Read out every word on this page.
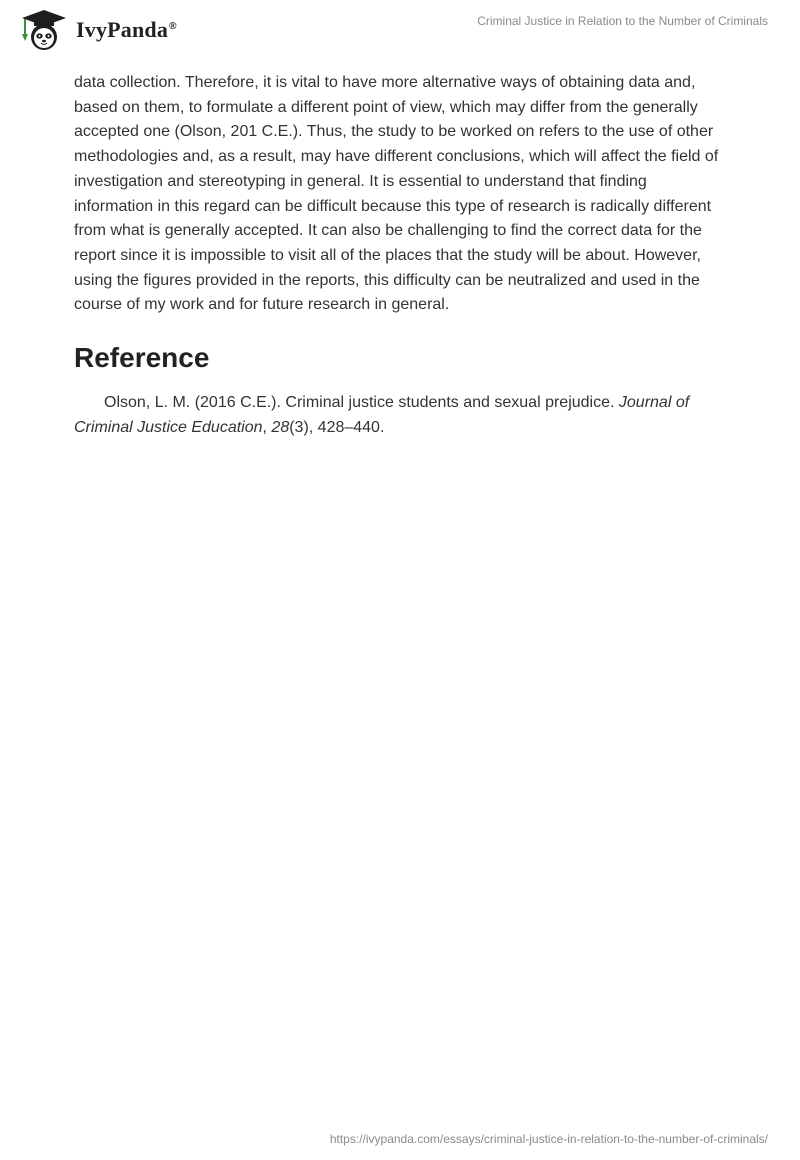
IvyPanda®	Criminal Justice in Relation to the Number of Criminals

data collection. Therefore, it is vital to have more alternative ways of obtaining data and, based on them, to formulate a different point of view, which may differ from the generally accepted one (Olson, 201 C.E.). Thus, the study to be worked on refers to the use of other methodologies and, as a result, may have different conclusions, which will affect the field of investigation and stereotyping in general. It is essential to understand that finding information in this regard can be difficult because this type of research is radically different from what is generally accepted. It can also be challenging to find the correct data for the report since it is impossible to visit all of the places that the study will be about. However, using the figures provided in the reports, this difficulty can be neutralized and used in the course of my work and for future research in general.

Reference

Olson, L. M. (2016 C.E.). Criminal justice students and sexual prejudice. Journal of Criminal Justice Education, 28(3), 428–440.

https://ivypanda.com/essays/criminal-justice-in-relation-to-the-number-of-criminals/
